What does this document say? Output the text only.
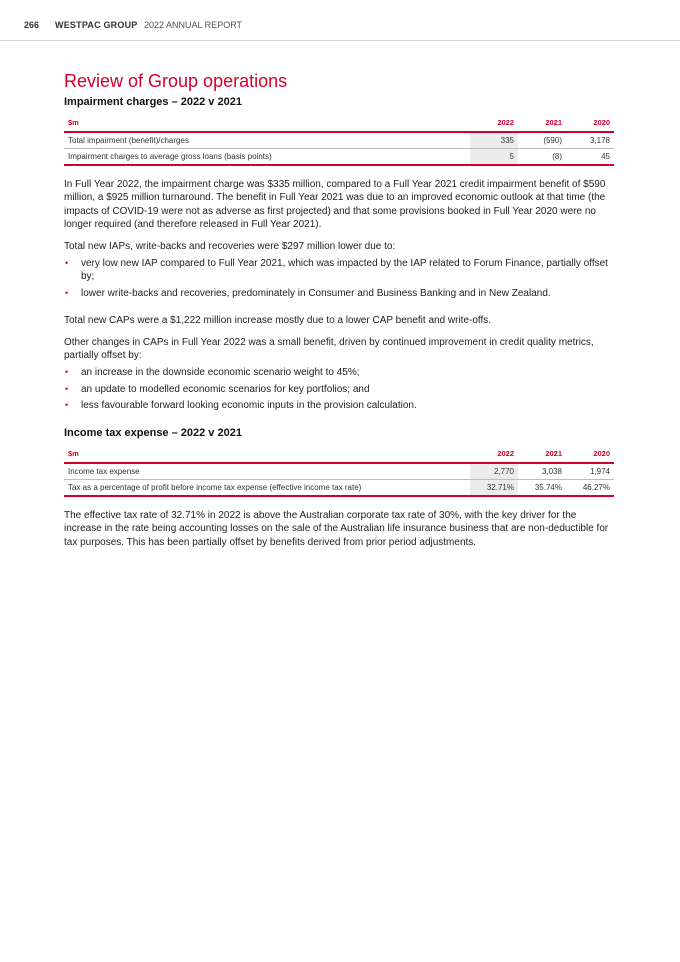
266 WESTPAC GROUP 2022 ANNUAL REPORT
Review of Group operations
Impairment charges – 2022 v 2021
$m	2022	2021	2020
Total impairment (benefit)/charges	335	(590)	3,178
Impairment charges to average gross loans (basis points)	5	(8)	45

In Full Year 2022, the impairment charge was $335 million, compared to a Full Year 2021 credit impairment benefit of $590 million, a $925 million turnaround. The benefit in Full Year 2021 was due to an improved economic outlook at that time (the impacts of COVID-19 were not as adverse as first projected) and that some provisions booked in Full Year 2020 were no longer required (and therefore released in Full Year 2021).

Total new IAPs, write-backs and recoveries were $297 million lower due to:

• very low new IAP compared to Full Year 2021, which was impacted by the IAP related to Forum Finance, partially offset by;
• lower write-backs and recoveries, predominately in Consumer and Business Banking and in New Zealand.

Total new CAPs were a $1,222 million increase mostly due to a lower CAP benefit and write-offs.

Other changes in CAPs in Full Year 2022 was a small benefit, driven by continued improvement in credit quality metrics, partially offset by:

• an increase in the downside economic scenario weight to 45%;
• an update to modelled economic scenarios for key portfolios; and
• less favourable forward looking economic inputs in the provision calculation.
Income tax expense – 2022 v 2021
$m	2022	2021	2020
Income tax expense	2,770	3,038	1,974
Tax as a percentage of profit before income tax expense (effective income tax rate)	32.71%	35.74%	46.27%

The effective tax rate of 32.71% in 2022 is above the Australian corporate tax rate of 30%, with the key driver for the increase in the rate being accounting losses on the sale of the Australian life insurance business that are non-deductible for tax purposes. This has been partially offset by benefits derived from prior period adjustments.
